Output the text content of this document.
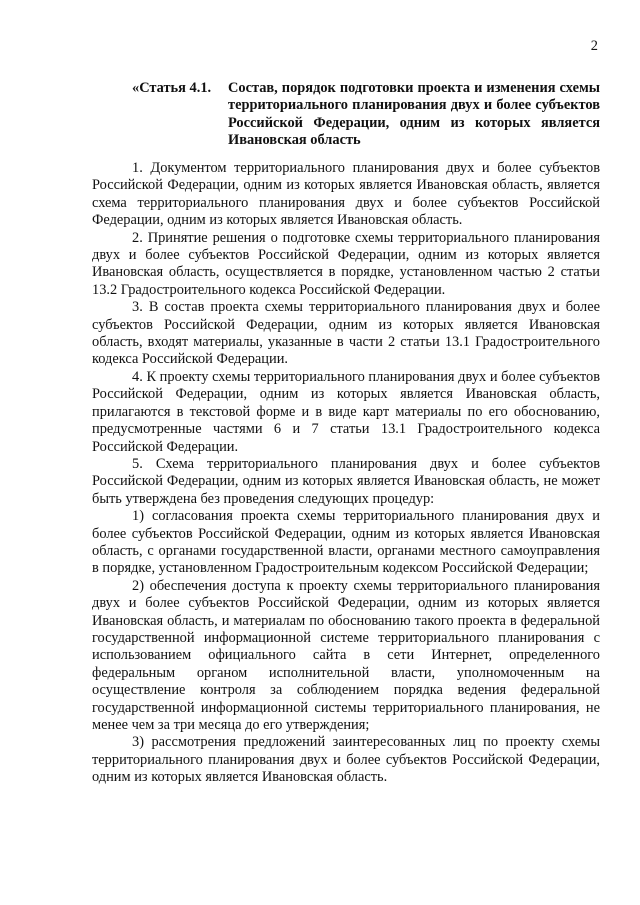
2
«Статья 4.1.	Состав, порядок подготовки проекта и изменения схемы территориального планирования двух и более субъектов Российской Федерации, одним из которых является Ивановская область

1. Документом территориального планирования двух и более субъектов Российской Федерации, одним из которых является Ивановская область, является схема территориального планирования двух и более субъектов Российской Федерации, одним из которых является Ивановская область.

2. Принятие решения о подготовке схемы территориального планирования двух и более субъектов Российской Федерации, одним из которых является Ивановская область, осуществляется в порядке, установленном частью 2 статьи 13.2 Градостроительного кодекса Российской Федерации.

3. В состав проекта схемы территориального планирования двух и более субъектов Российской Федерации, одним из которых является Ивановская область, входят материалы, указанные в части 2 статьи 13.1 Градостроительного кодекса Российской Федерации.

4. К проекту схемы территориального планирования двух и более субъектов Российской Федерации, одним из которых является Ивановская область, прилагаются в текстовой форме и в виде карт материалы по его обоснованию, предусмотренные частями 6 и 7 статьи 13.1 Градостроительного кодекса Российской Федерации.

5. Схема территориального планирования двух и более субъектов Российской Федерации, одним из которых является Ивановская область, не может быть утверждена без проведения следующих процедур:

1) согласования проекта схемы территориального планирования двух и более субъектов Российской Федерации, одним из которых является Ивановская область, с органами государственной власти, органами местного самоуправления в порядке, установленном Градостроительным кодексом Российской Федерации;

2) обеспечения доступа к проекту схемы территориального планирования двух и более субъектов Российской Федерации, одним из которых является Ивановская область, и материалам по обоснованию такого проекта в федеральной государственной информационной системе территориального планирования с использованием официального сайта в сети Интернет, определенного федеральным органом исполнительной власти, уполномоченным на осуществление контроля за соблюдением порядка ведения федеральной государственной информационной системы территориального планирования, не менее чем за три месяца до его утверждения;

3) рассмотрения предложений заинтересованных лиц по проекту схемы территориального планирования двух и более субъектов Российской Федерации, одним из которых является Ивановская область.
